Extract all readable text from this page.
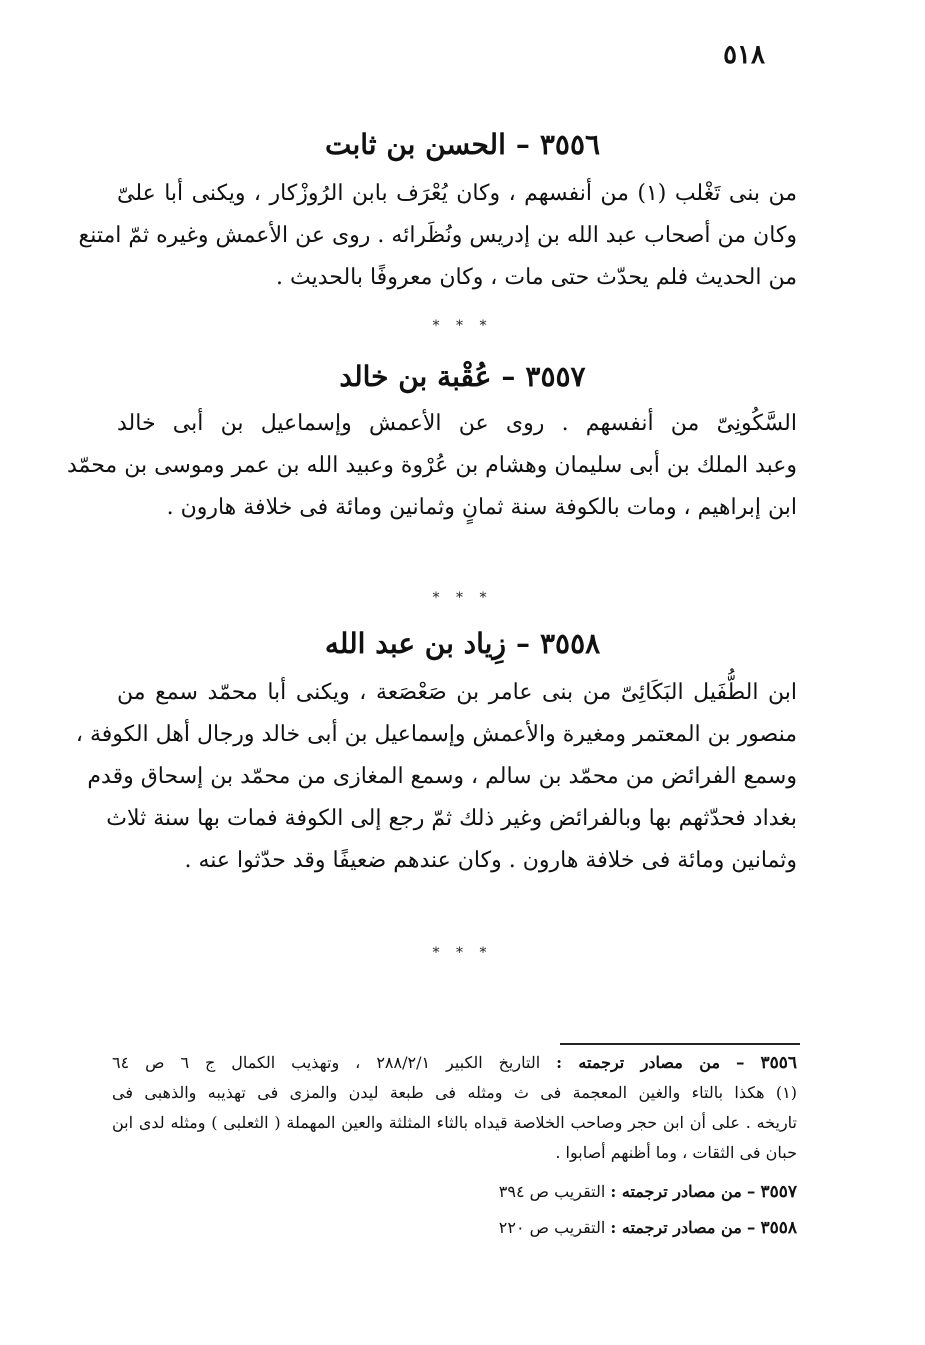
٥١٨
٣٥٥٦–الحسن بن ثابت

من بنى تَغْلب (١) من أنفسهم ، وكان يُعْرَف بابن الرُوزْكار ، ويكنى أبا علىّ

وكان من أصحاب عبد الله بن إدريس ونُظَرائه . روى عن الأعمش وغيره ثمّ امتنع

من الحديث فلم يحدّث حتى مات ، وكان معروفًا بالحديث .

* * *
٣٥٥٧–عُقْبة بن خالد

السَّكُونِىّ من أنفسهم . روى عن الأعمش وإسماعيل بن أبى خالد

وعبد الملك بن أبى سليمان وهشام بن عُرْوة وعبيد الله بن عمر وموسى بن محمّد

ابن إبراهيم ، ومات بالكوفة سنة ثمانٍ وثمانين ومائة فى خلافة هارون .

* * *
٣٥٥٨–زِياد بن عبد الله

ابن الطُّفَيل البَكَائِىّ من بنى عامر بن صَعْصَعة ، ويكنى أبا محمّد سمع من

منصور بن المعتمر ومغيرة والأعمش وإسماعيل بن أبى خالد ورجال أهل الكوفة ،

وسمع الفرائض من محمّد بن سالم ، وسمع المغازى من محمّد بن إسحاق وقدم

بغداد فحدّثهم بها وبالفرائض وغير ذلك ثمّ رجع إلى الكوفة فمات بها سنة ثلاث

وثمانين ومائة فى خلافة هارون . وكان عندهم ضعيفًا وقد حدّثوا عنه .

* * *

٣٥٥٦ – من مصادر ترجمته : التاريخ الكبير ٢٨٨/٢/١ ، وتهذيب الكمال ج ٦ ص ٦٤

(١) هكذا بالتاء والغين المعجمة فى ث ومثله فى طبعة ليدن والمزى فى تهذيبه والذهبى فى

تاريخه . على أن ابن حجر وصاحب الخلاصة قيداه بالثاء المثلثة والعين المهملة ( الثعلبى ) ومثله لدى ابن

حبان فى الثقات ، وما أظنهم أصابوا .

٣٥٥٧ – من مصادر ترجمته : التقريب ص ٣٩٤

٣٥٥٨ – من مصادر ترجمته : التقريب ص ٢٢٠
